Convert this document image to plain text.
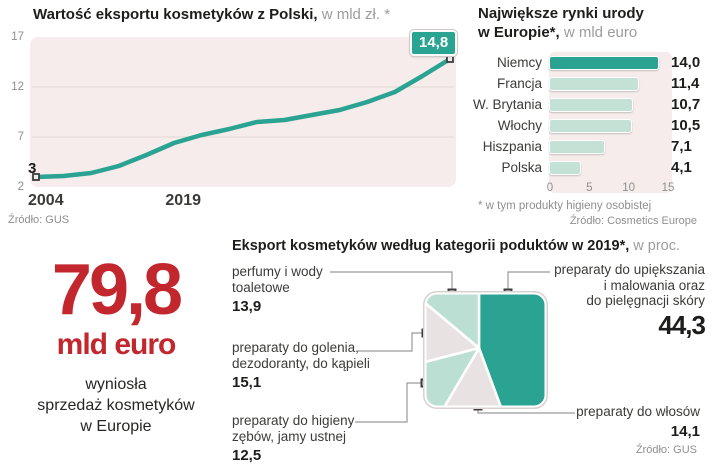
Wartość eksportu kosmetyków z Polski, w mld zł. *
17
12
7
2
3
14,8
2004	2019
Źródło: GUS
Największe rynki urody
w Europie*, w mld euro
Niemcy	14,0
Francja	11,4
W. Brytania	10,7
Włochy	10,5
Hiszpania	7,1
Polska	4,1
0	5	10 15
* w tym produkty higieny osobistej
Źródło: Cosmetics Europe
79,8
mld euro
wyniosła
sprzedaż kosmetyków
w Europie
Eksport kosmetyków według kategorii poduktów w 2019*, w proc.
perfumy i wody
toaletowe
13,9
preparaty do golenia,
dezodoranty, do kąpieli
15,1
preparaty do higieny
zębów, jamy ustnej
12,5
preparaty do upiększania
i malowania oraz
do pielęgnacji skóry
44,3
preparaty do włosów
14,1
Źródło: GUS
